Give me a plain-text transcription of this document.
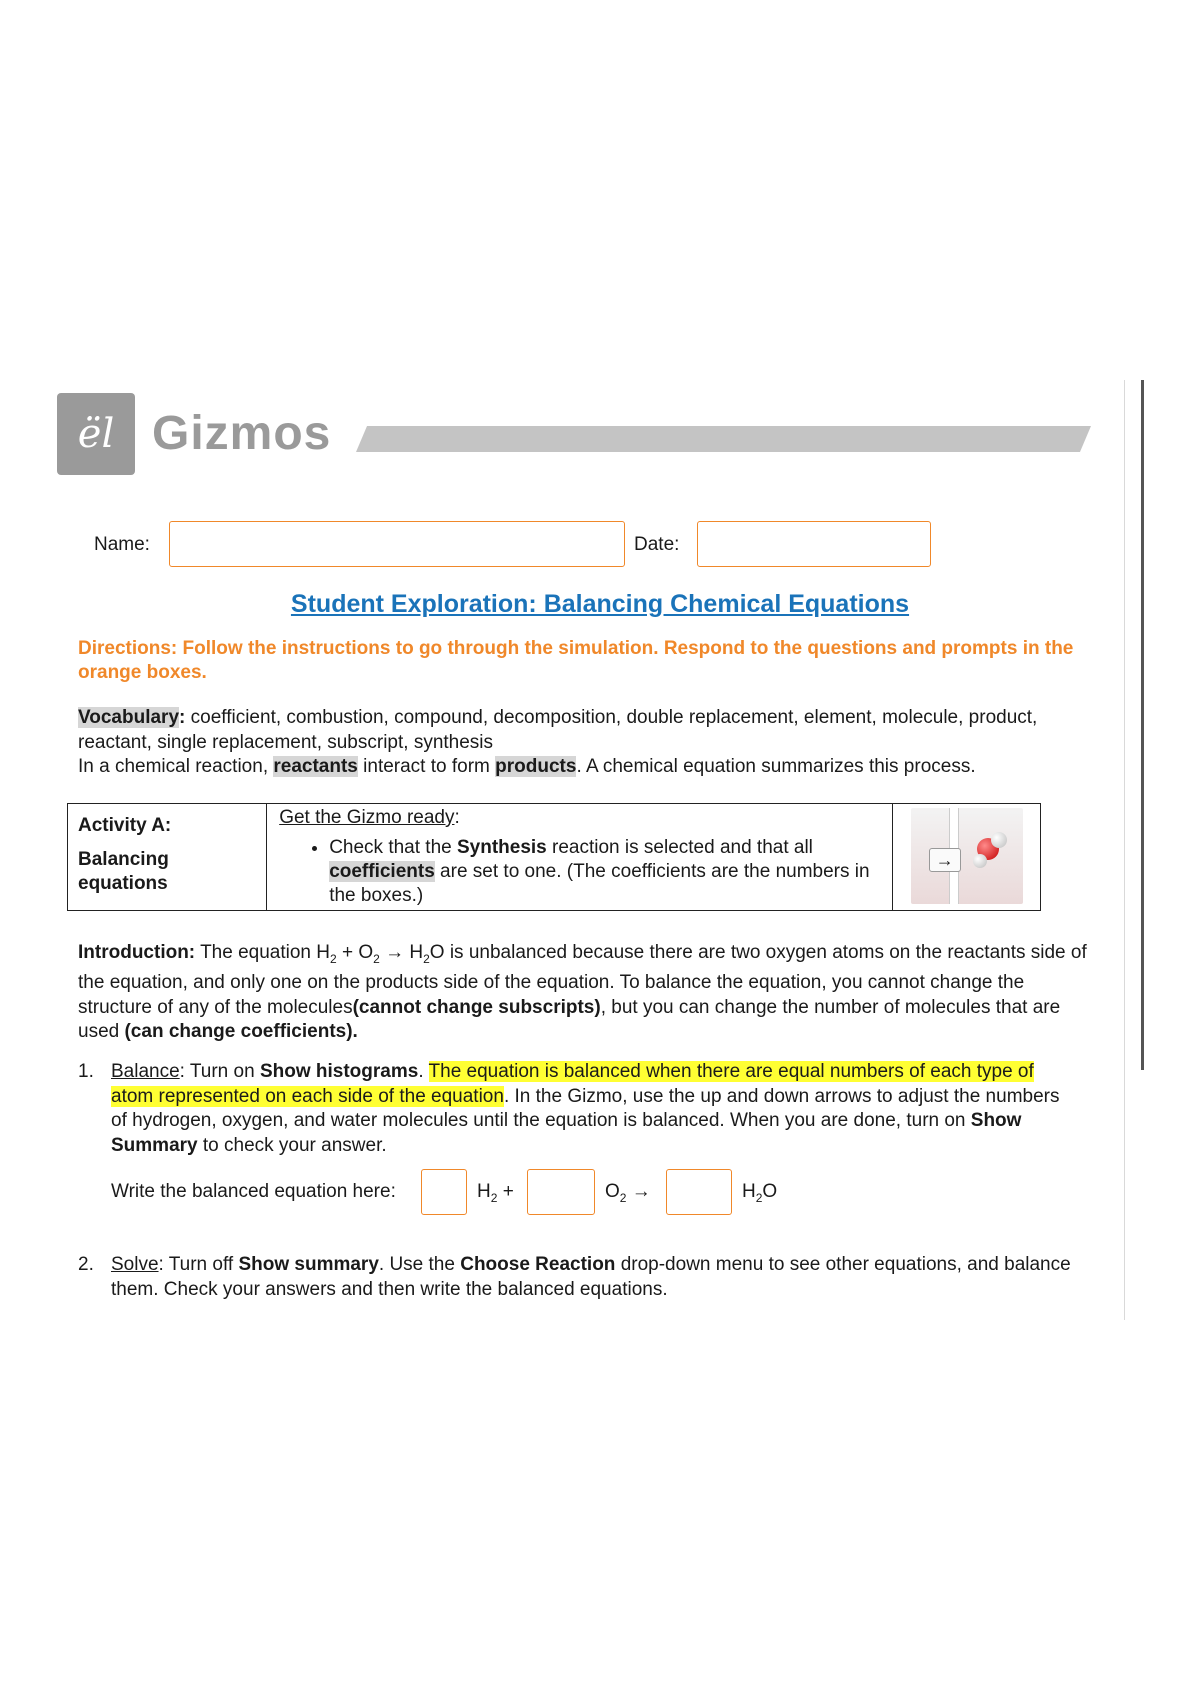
ël Gizmos
Name:	Date:
Student Exploration: Balancing Chemical Equations
Directions: Follow the instructions to go through the simulation. Respond to the questions and prompts in the orange boxes.
Vocabulary: coefficient, combustion, compound, decomposition, double replacement, element, molecule, product, reactant, single replacement, subscript, synthesis
In a chemical reaction, reactants interact to form products. A chemical equation summarizes this process.
Activity A:
Balancing equations

Get the Gizmo ready:
• Check that the Synthesis reaction is selected and that all coefficients are set to one. (The coefficients are the numbers in the boxes.)

→
Introduction: The equation $H_2 + O_2 \to H_2O$ is unbalanced because there are two oxygen atoms on the reactants side of the equation, and only one on the products side of the equation. To balance the equation, you cannot change the structure of any of the molecules(cannot change subscripts), but you can change the number of molecules that are used (can change coefficients).
1. Balance: Turn on Show histograms. The equation is balanced when there are equal numbers of each type of atom represented on each side of the equation. In the Gizmo, use the up and down arrows to adjust the numbers of hydrogen, oxygen, and water molecules until the equation is balanced. When you are done, turn on Show Summary to check your answer.
Write the balanced equation here:	$H_2$ +	$O_2$ →	$H_2O$
2. Solve: Turn off Show summary. Use the Choose Reaction drop-down menu to see other equations, and balance them. Check your answers and then write the balanced equations.
